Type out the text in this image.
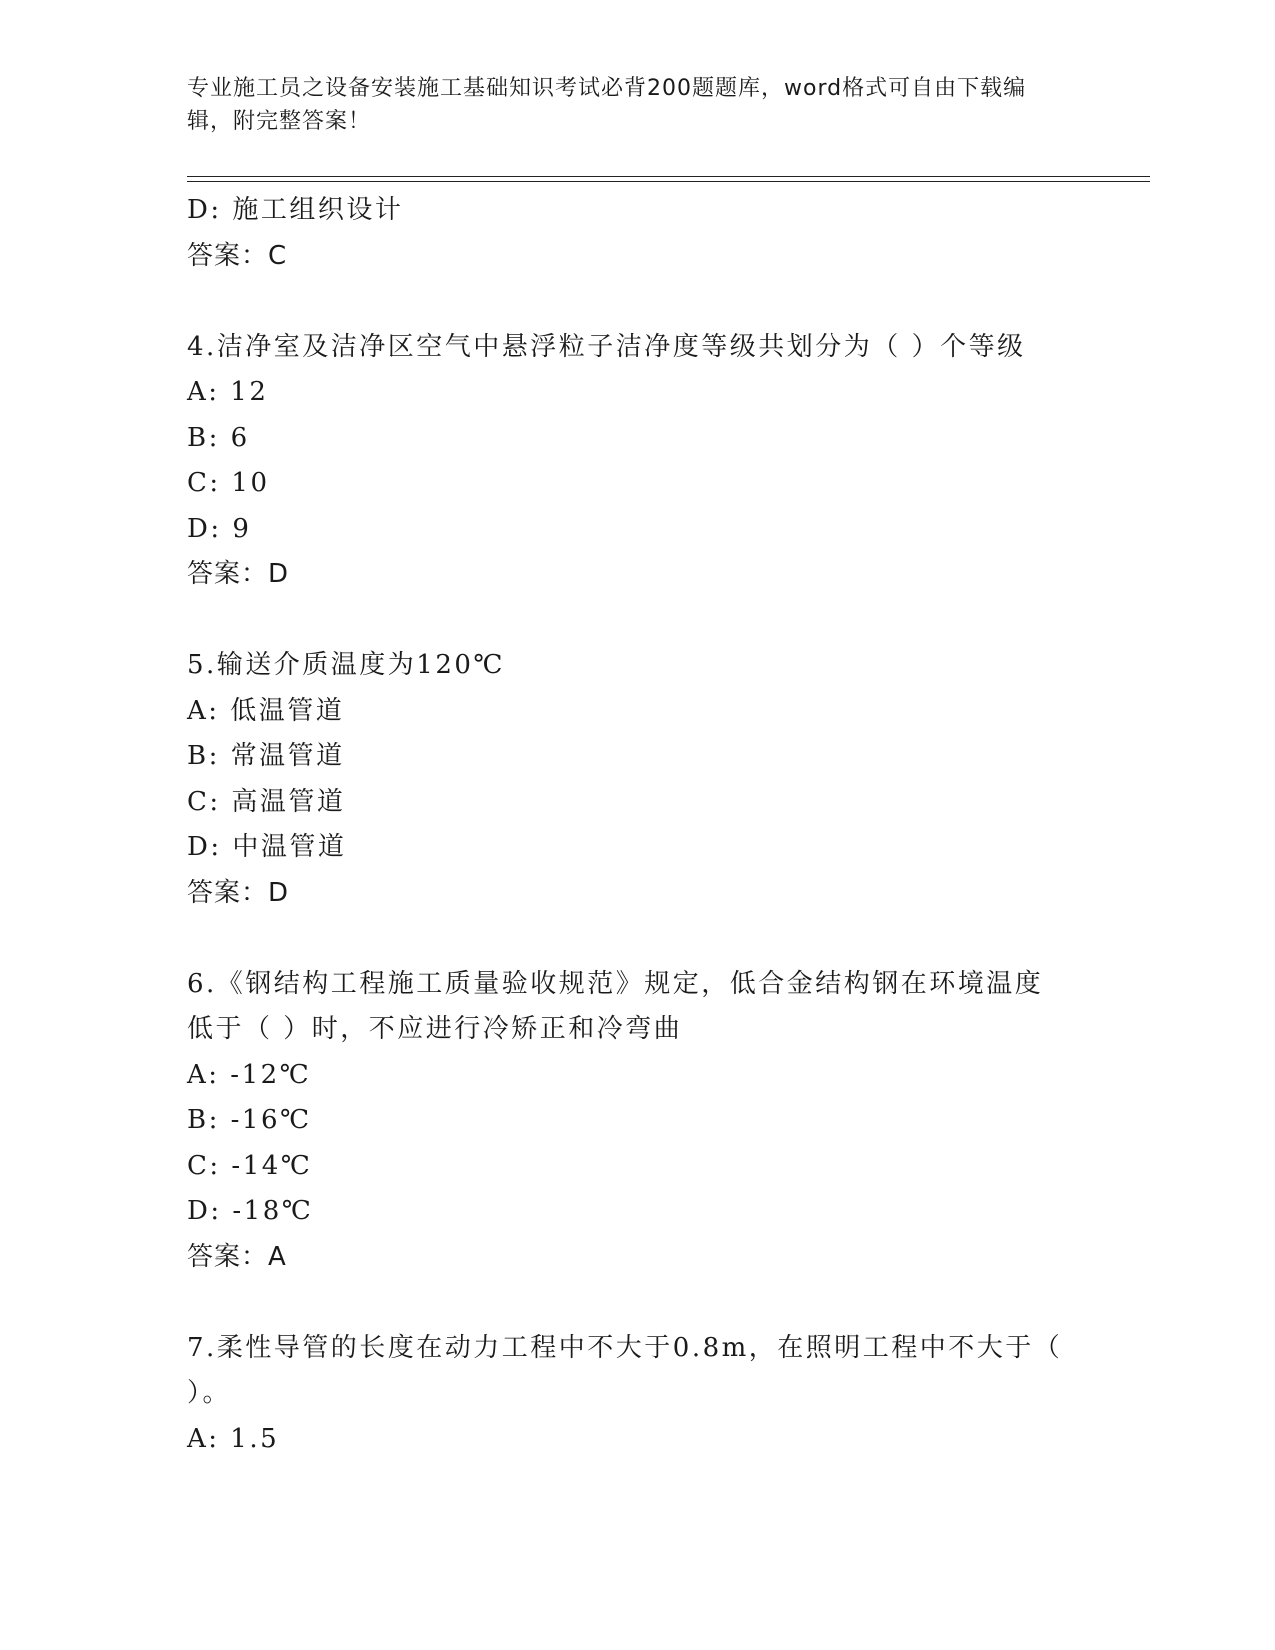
专业施工员之设备安装施工基础知识考试必背200题题库，word格式可自由下载编辑，附完整答案！
D: 施工组织设计
答案：C
4.洁净室及洁净区空气中悬浮粒子洁净度等级共划分为（ ）个等级
A: 12
B: 6
C: 10
D: 9
答案：D
5.输送介质温度为120℃
A: 低温管道
B: 常温管道
C: 高温管道
D: 中温管道
答案：D
6.《钢结构工程施工质量验收规范》规定，低合金结构钢在环境温度低于（ ）时，不应进行冷矫正和冷弯曲
A: -12℃
B: -16℃
C: -14℃
D: -18℃
答案：A
7.柔性导管的长度在动力工程中不大于0.8m，在照明工程中不大于（ ）。
A: 1.5
